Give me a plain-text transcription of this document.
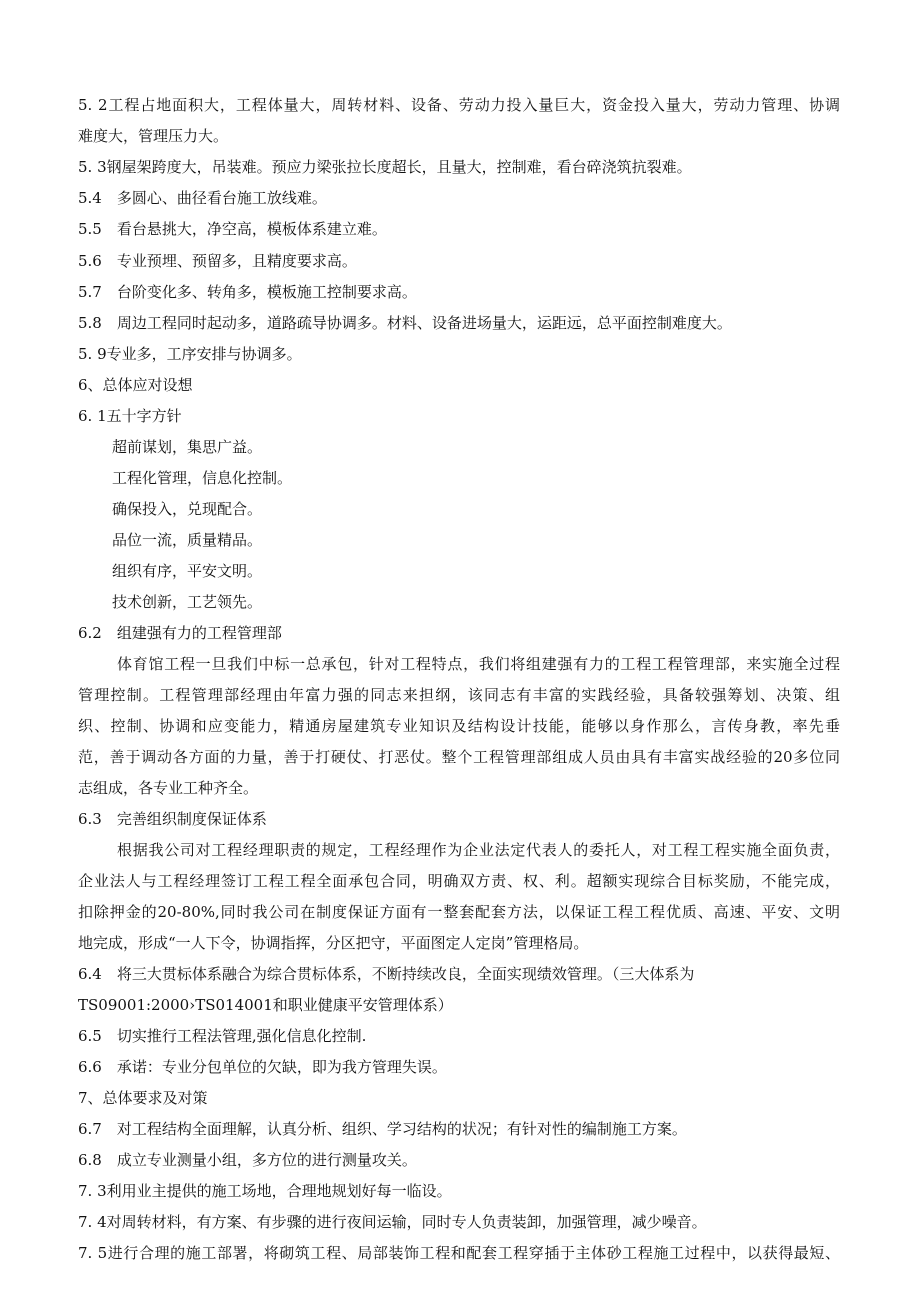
5. 2工程占地面积大，工程体量大，周转材料、设备、劳动力投入量巨大，资金投入量大，劳动力管理、协调
难度大，管理压力大。
5. 3钢屋架跨度大，吊装难。预应力梁张拉长度超长，且量大，控制难，看台碎浇筑抗裂难。
5.4　多圆心、曲径看台施工放线难。
5.5　看台悬挑大，净空高，模板体系建立难。
5.6　专业预埋、预留多，且精度要求高。
5.7　台阶变化多、转角多，模板施工控制要求高。
5.8　周边工程同时起动多，道路疏导协调多。材料、设备进场量大，运距远，总平面控制难度大。
5. 9专业多，工序安排与协调多。
6、总体应对设想
6. 1五十字方针
超前谋划，集思广益。
工程化管理，信息化控制。
确保投入，兑现配合。
品位一流，质量精品。
组织有序，平安文明。
技术创新，工艺领先。
6.2　组建强有力的工程管理部
体育馆工程一旦我们中标一总承包，针对工程特点，我们将组建强有力的工程工程管理部，来实施全过程
管理控制。工程管理部经理由年富力强的同志来担纲，该同志有丰富的实践经验，具备较强筹划、决策、组
织、控制、协调和应变能力，精通房屋建筑专业知识及结构设计技能，能够以身作那么，言传身教，率先垂
范，善于调动各方面的力量，善于打硬仗、打恶仗。整个工程管理部组成人员由具有丰富实战经验的20多位同
志组成，各专业工种齐全。
6.3　完善组织制度保证体系
根据我公司对工程经理职责的规定，工程经理作为企业法定代表人的委托人，对工程工程实施全面负责，
企业法人与工程经理签订工程工程全面承包合同，明确双方责、权、利。超额实现综合目标奖励，不能完成，
扣除押金的20-80%,同时我公司在制度保证方面有一整套配套方法，以保证工程工程优质、高速、平安、文明
地完成，形成“一人下令，协调指挥，分区把守，平面图定人定岗”管理格局。
6.4　将三大贯标体系融合为综合贯标体系，不断持续改良，全面实现绩效管理。（三大体系为
TS09001:2000›TS014001和职业健康平安管理体系）
6.5　切实推行工程法管理,强化信息化控制.
6.6　承诺：专业分包单位的欠缺，即为我方管理失误。
7、总体要求及对策
6.7　对工程结构全面理解，认真分析、组织、学习结构的状况；有针对性的编制施工方案。
6.8　成立专业测量小组，多方位的进行测量攻关。
7. 3利用业主提供的施工场地，合理地规划好每一临设。
7. 4对周转材料，有方案、有步骤的进行夜间运输，同时专人负责装卸，加强管理，减少噪音。
7. 5进行合理的施工部署，将砌筑工程、局部装饰工程和配套工程穿插于主体砂工程施工过程中，以获得最短、
